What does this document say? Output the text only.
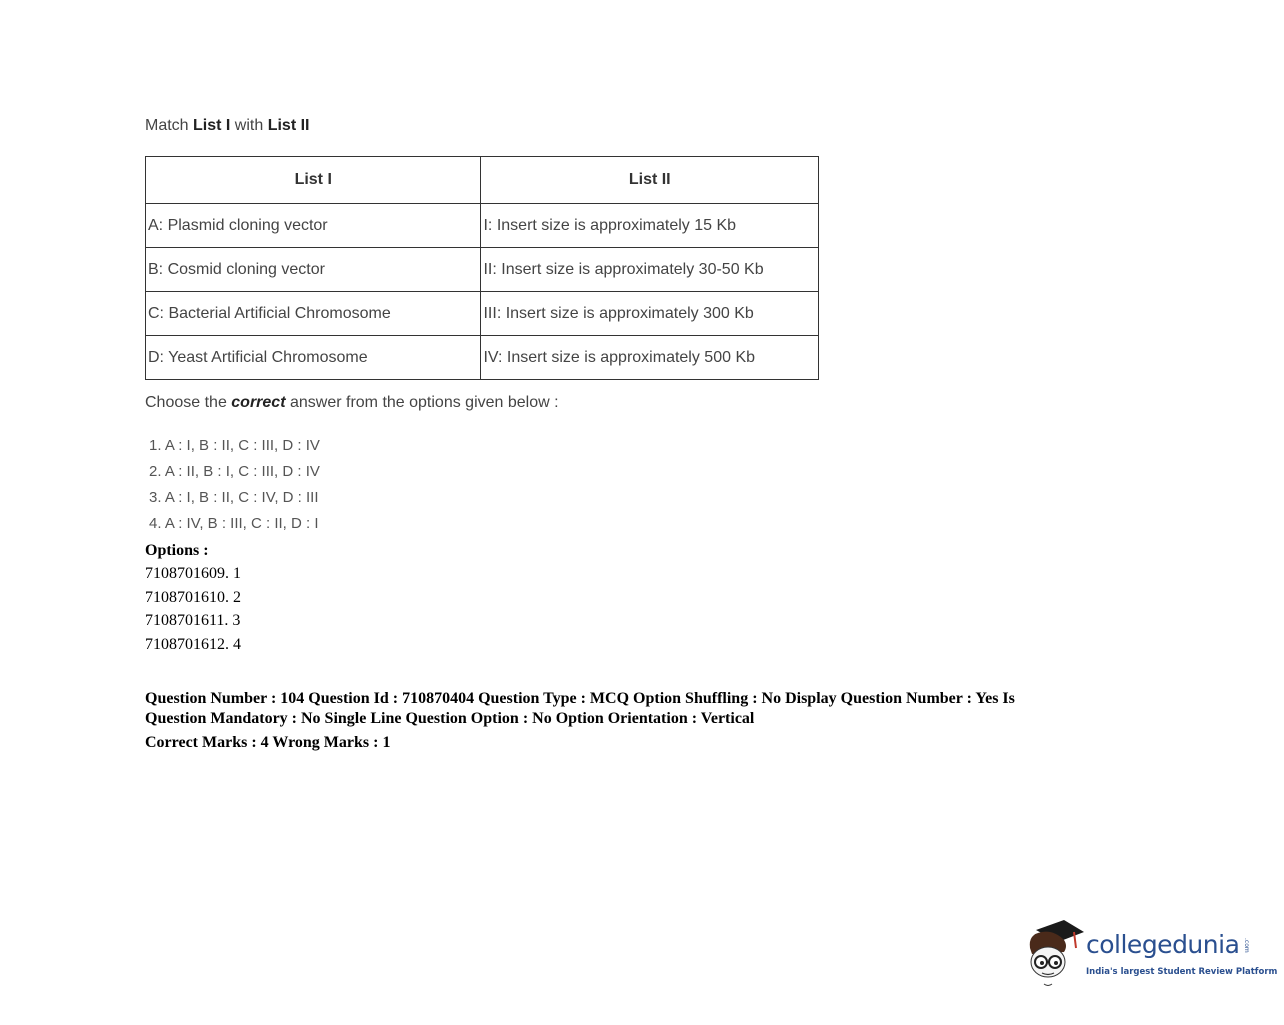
Match List I with List II
List I	List II
A: Plasmid cloning vector	I: Insert size is approximately 15 Kb
B: Cosmid cloning vector	II: Insert size is approximately 30-50 Kb
C: Bacterial Artificial Chromosome	III: Insert size is approximately 300 Kb
D: Yeast Artificial Chromosome	IV: Insert size is approximately 500 Kb
Choose the correct answer from the options given below :
1. A : I, B : II, C : III, D : IV
2. A : II, B : I, C : III, D : IV
3. A : I, B : II, C : IV, D : III
4. A : IV, B : III, C : II, D : I
Options :
7108701609. 1
7108701610. 2
7108701611. 3
7108701612. 4
Question Number : 104 Question Id : 710870404 Question Type : MCQ Option Shuffling : No Display Question Number : Yes Is
Question Mandatory : No Single Line Question Option : No Option Orientation : Vertical
Correct Marks : 4 Wrong Marks : 1
collegedunia .com
India's largest Student Review Platform
